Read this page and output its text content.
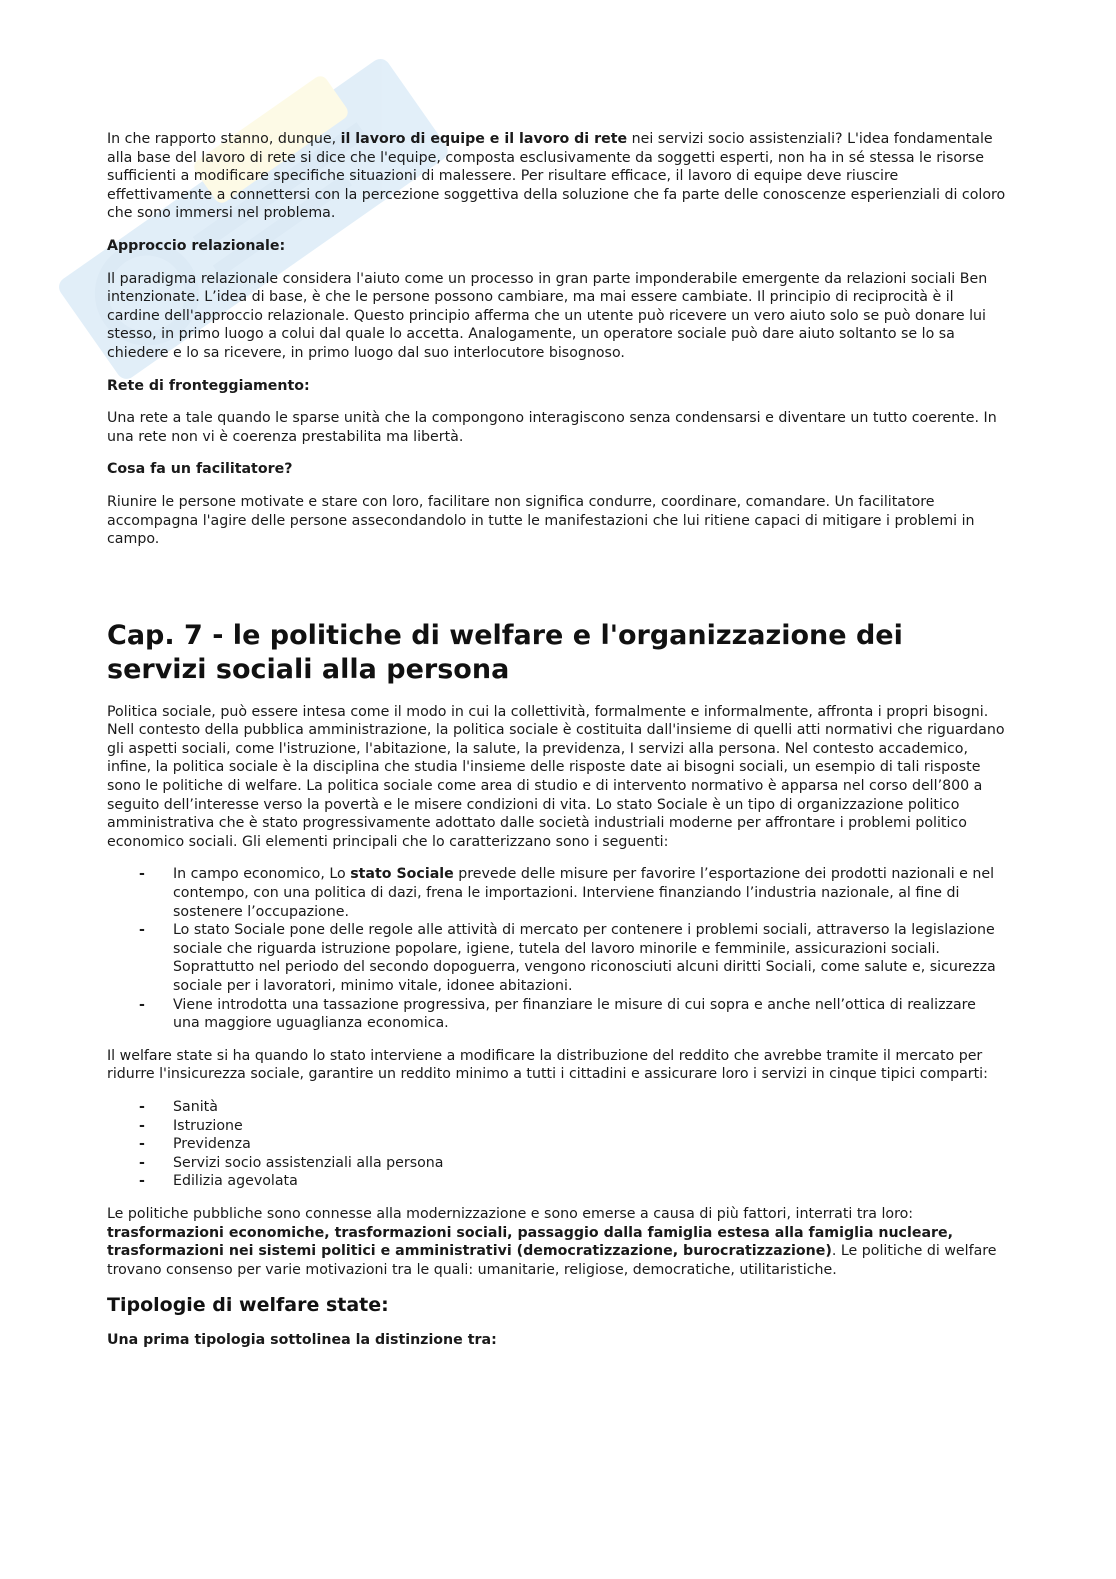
In che rapporto stanno, dunque, il lavoro di equipe e il lavoro di rete nei servizi socio assistenziali? L'idea fondamentale alla base del lavoro di rete si dice che l'equipe, composta esclusivamente da soggetti esperti, non ha in sé stessa le risorse sufficienti a modificare specifiche situazioni di malessere. Per risultare efficace, il lavoro di equipe deve riuscire effettivamente a connettersi con la percezione soggettiva della soluzione che fa parte delle conoscenze esperienziali di coloro che sono immersi nel problema.

Approccio relazionale:

Il paradigma relazionale considera l'aiuto come un processo in gran parte imponderabile emergente da relazioni sociali Ben intenzionate. L’idea di base, è che le persone possono cambiare, ma mai essere cambiate. Il principio di reciprocità è il cardine dell'approccio relazionale. Questo principio afferma che un utente può ricevere un vero aiuto solo se può donare lui stesso, in primo luogo a colui dal quale lo accetta. Analogamente, un operatore sociale può dare aiuto soltanto se lo sa chiedere e lo sa ricevere, in primo luogo dal suo interlocutore bisognoso.

Rete di fronteggiamento:

Una rete a tale quando le sparse unità che la compongono interagiscono senza condensarsi e diventare un tutto coerente. In una rete non vi è coerenza prestabilita ma libertà.

Cosa fa un facilitatore?

Riunire le persone motivate e stare con loro, facilitare non significa condurre, coordinare, comandare. Un facilitatore accompagna l'agire delle persone assecondandolo in tutte le manifestazioni che lui ritiene capaci di mitigare i problemi in campo.

Cap. 7 - le politiche di welfare e l'organizzazione dei servizi sociali alla persona

Politica sociale, può essere intesa come il modo in cui la collettività, formalmente e informalmente, affronta i propri bisogni. Nell contesto della pubblica amministrazione, la politica sociale è costituita dall'insieme di quelli atti normativi che riguardano gli aspetti sociali, come l'istruzione, l'abitazione, la salute, la previdenza, I servizi alla persona. Nel contesto accademico, infine, la politica sociale è la disciplina che studia l'insieme delle risposte date ai bisogni sociali, un esempio di tali risposte sono le politiche di welfare. La politica sociale come area di studio e di intervento normativo è apparsa nel corso dell’800 a seguito dell’interesse verso la povertà e le misere condizioni di vita. Lo stato Sociale è un tipo di organizzazione politico amministrativa che è stato progressivamente adottato dalle società industriali moderne per affrontare i problemi politico economico sociali. Gli elementi principali che lo caratterizzano sono i seguenti:

- In campo economico, Lo stato Sociale prevede delle misure per favorire l’esportazione dei prodotti nazionali e nel contempo, con una politica di dazi, frena le importazioni. Interviene finanziando l’industria nazionale, al fine di sostenere l’occupazione.
- Lo stato Sociale pone delle regole alle attività di mercato per contenere i problemi sociali, attraverso la legislazione sociale che riguarda istruzione popolare, igiene, tutela del lavoro minorile e femminile, assicurazioni sociali. Soprattutto nel periodo del secondo dopoguerra, vengono riconosciuti alcuni diritti Sociali, come salute e, sicurezza sociale per i lavoratori, minimo vitale, idonee abitazioni.
- Viene introdotta una tassazione progressiva, per finanziare le misure di cui sopra e anche nell’ottica di realizzare una maggiore uguaglianza economica.

Il welfare state si ha quando lo stato interviene a modificare la distribuzione del reddito che avrebbe tramite il mercato per ridurre l'insicurezza sociale, garantire un reddito minimo a tutti i cittadini e assicurare loro i servizi in cinque tipici comparti:

- Sanità
- Istruzione
- Previdenza
- Servizi socio assistenziali alla persona
- Edilizia agevolata

Le politiche pubbliche sono connesse alla modernizzazione e sono emerse a causa di più fattori, interrati tra loro: trasformazioni economiche, trasformazioni sociali, passaggio dalla famiglia estesa alla famiglia nucleare, trasformazioni nei sistemi politici e amministrativi (democratizzazione, burocratizzazione). Le politiche di welfare trovano consenso per varie motivazioni tra le quali: umanitarie, religiose, democratiche, utilitaristiche.

Tipologie di welfare state:
Una prima tipologia sottolinea la distinzione tra:
